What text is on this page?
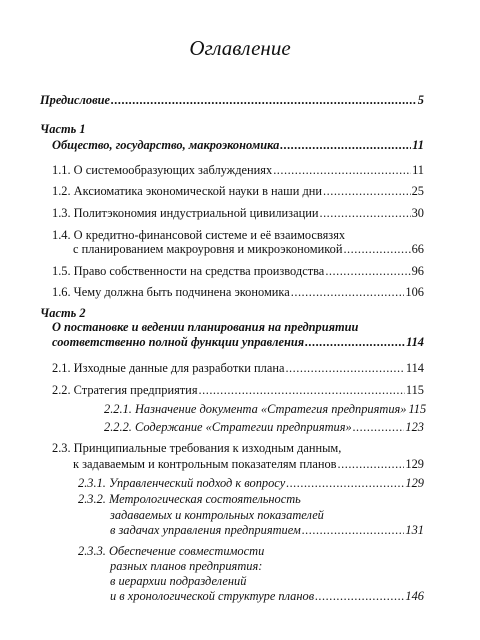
Оглавление
Предисловие .....	5
Часть 1
Общество, государство, макроэкономика .....	11
1.1. О системообразующих заблуждениях .....	11
1.2. Аксиоматика экономической науки в наши дни .....	25
1.3. Политэкономия индустриальной цивилизации .....	30
1.4. О кредитно-финансовой системе и её взаимосвязях
с планированием макроуровня и микроэкономикой .....	66
1.5. Право собственности на средства производства .....	96
1.6. Чему должна быть подчинена экономика .....	106
Часть 2
О постановке и ведении планирования на предприятии
соответственно полной функции управления .....	114
2.1. Изходные данные для разработки плана .....	114
2.2. Стратегия предприятия .....	115
2.2.1. Назначение документа «Стратегия предприятия» 115
2.2.2. Содержание «Стратегии предприятия» .....	123
2.3. Принципиальные требования к изходным данным,
к задаваемым и контрольным показателям планов .....	129
2.3.1. Управленческий подход к вопросу .....	129
2.3.2. Метрологическая состоятельность
задаваемых и контрольных показателей
в задачах управления предприятием .....	131
2.3.3. Обеспечение совместимости
разных планов предприятия:
в иерархии подразделений
и в хронологической структуре планов .....	146
